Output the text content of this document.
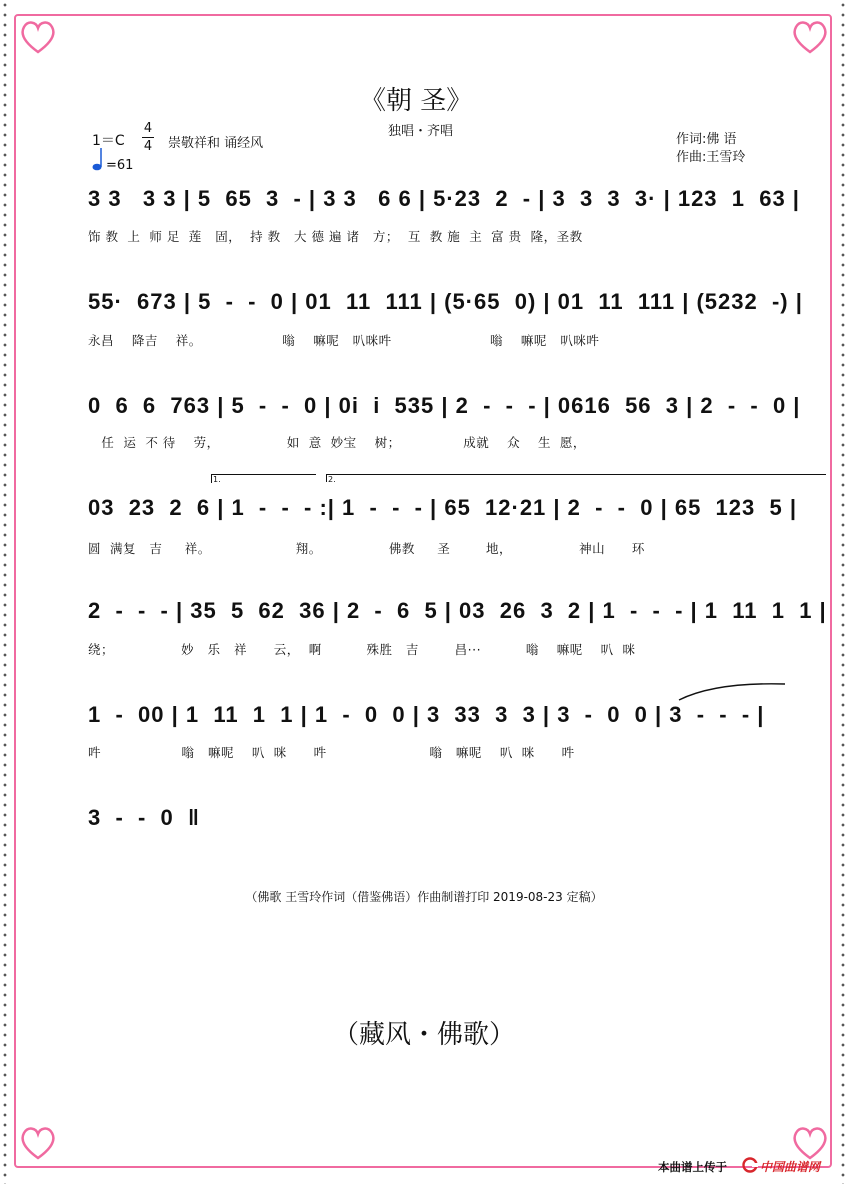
《朝 圣》
独唱・齐唱
1＝C
4
4 崇敬祥和 诵经风
=61
作词:佛 语
作曲:王雪玲
3 3   3 3 | 5  65  3  - | 3 3   6 6 | 5·23  2  - | 3  3  3  3· | 123  1  63 |
饰 教  上  师 足  莲   固，  持 教   大 德 遍 诸   方；  互  教 施  主  富 贵  隆，圣教
55·  673 | 5  -  -  0 | 01  11  111 | (5·65  0) | 01  11  111 | (5232  -) |
永昌    降吉    祥。                  嗡    嘛呢   叭咪吽                      嗡    嘛呢   叭咪吽
0  6  6  763 | 5  -  -  0 | 0i  i  535 | 2  -  -  - | 0616  56  3 | 2  -  -  0 |
任  运  不 待    劳，               如  意  妙宝    树；              成就    众    生  愿，
1.	2.
03  23  2  6 | 1  -  -  - :| 1  -  -  - | 65  12·21 | 2  -  -  0 | 65  123  5 |
圆  满复   吉     祥。                   翔。               佛教     圣        地，               神山      环
2  -  -  - | 35  5  62  36 | 2  -  6  5 | 03  26  3  2 | 1  -  -  - | 1  11  1  1 |
绕；               妙   乐   祥      云，  啊          殊胜   吉        昌···          嗡    嘛呢    叭  咪
1  -  00 | 1  11  1  1 | 1  -  0  0 | 3  33  3  3 | 3  -  0  0 | 3  -  -  - |
吽                  嗡   嘛呢    叭  咪      吽                       嗡   嘛呢    叭  咪      吽
3  -  -  0  ‖
（佛歌 王雪玲作词（借鉴佛语）作曲制谱打印 2019-08-23 定稿）
（藏风・佛歌）
本曲谱上传于	中国曲谱网
